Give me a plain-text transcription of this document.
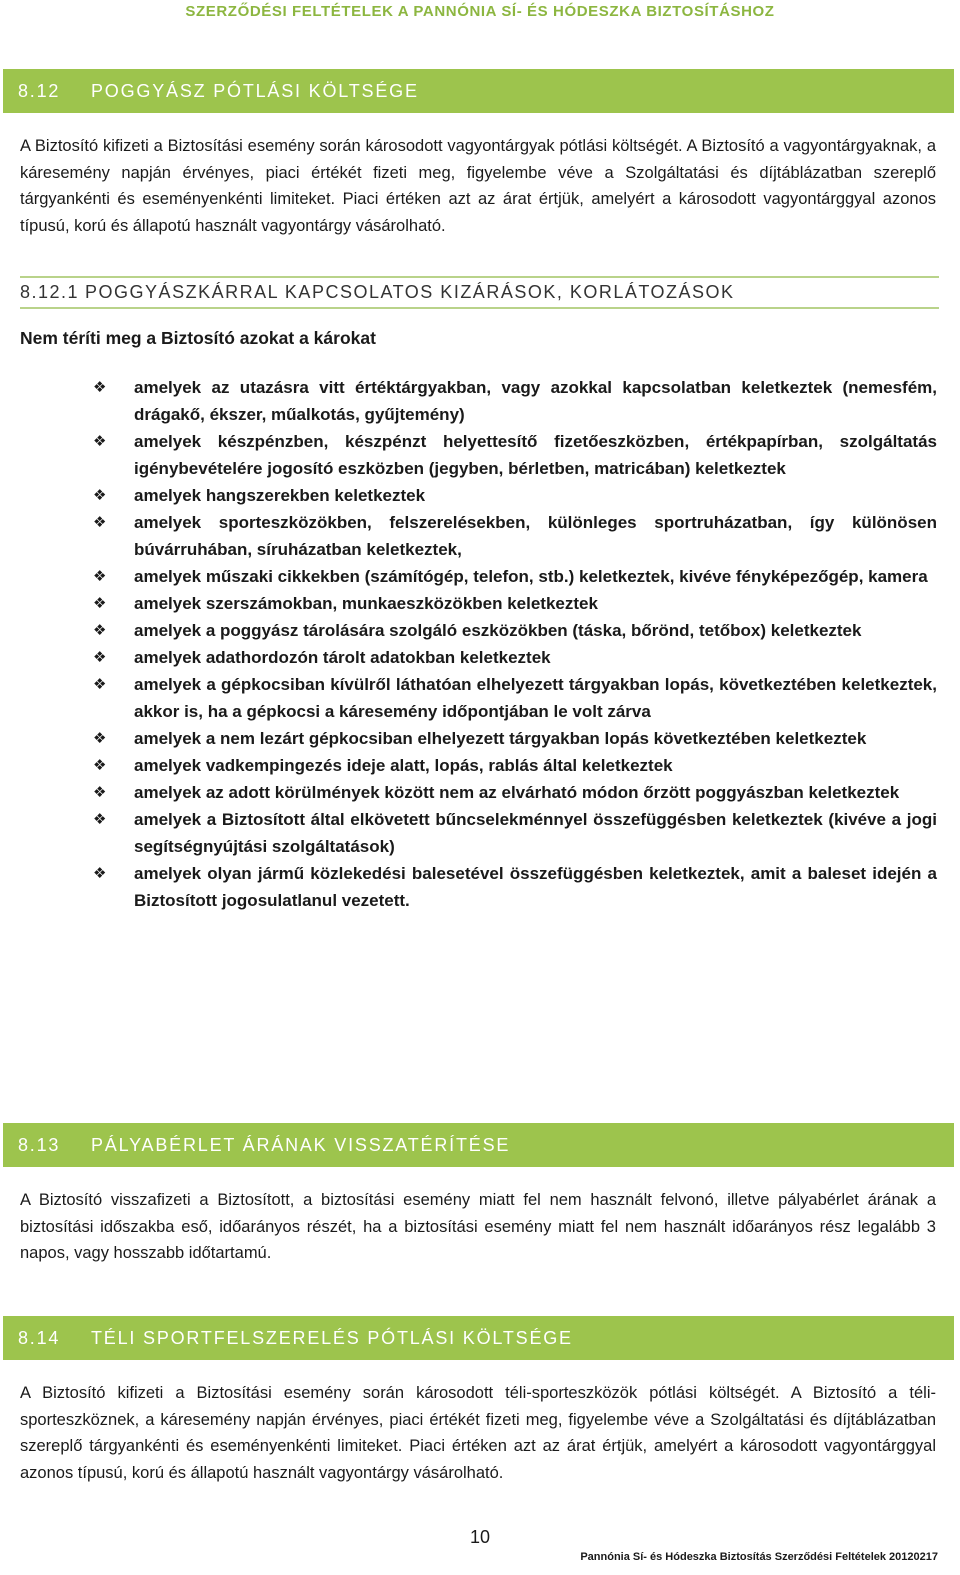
SZERZŐDÉSI FELTÉTELEK A PANNÓNIA SÍ- ÉS HÓDESZKA BIZTOSÍTÁSHOZ
8.12 POGGYÁSZ PÓTLÁSI KÖLTSÉGE

A Biztosító kifizeti a Biztosítási esemény során károsodott vagyontárgyak pótlási költségét. A Biztosító a vagyontárgyaknak, a káresemény napján érvényes, piaci értékét fizeti meg, figyelembe véve a Szolgáltatási és díjtáblázatban szereplő tárgyankénti és eseményenkénti limiteket. Piaci értéken azt az árat értjük, amelyért a károsodott vagyontárggyal azonos típusú, korú és állapotú használt vagyontárgy vásárolható.

8.12.1 POGGYÁSZKÁRRAL KAPCSOLATOS KIZÁRÁSOK, KORLÁTOZÁSOK

Nem téríti meg a Biztosító azokat a károkat

❖ amelyek az utazásra vitt értéktárgyakban, vagy azokkal kapcsolatban keletkeztek (nemesfém, drágakő, ékszer, műalkotás, gyűjtemény)
❖ amelyek készpénzben, készpénzt helyettesítő fizetőeszközben, értékpapírban, szolgáltatás igénybevételére jogosító eszközben (jegyben, bérletben, matricában) keletkeztek
❖ amelyek hangszerekben keletkeztek
❖ amelyek sporteszközökben, felszerelésekben, különleges sportruházatban, így különösen búvárruhában, síruházatban keletkeztek,
❖ amelyek műszaki cikkekben (számítógép, telefon, stb.) keletkeztek, kivéve fényképezőgép, kamera
❖ amelyek szerszámokban, munkaeszközökben keletkeztek
❖ amelyek a poggyász tárolására szolgáló eszközökben (táska, bőrönd, tetőbox) keletkeztek
❖ amelyek adathordozón tárolt adatokban keletkeztek
❖ amelyek a gépkocsiban kívülről láthatóan elhelyezett tárgyakban lopás, következtében keletkeztek, akkor is, ha a gépkocsi a káresemény időpontjában le volt zárva
❖ amelyek a nem lezárt gépkocsiban elhelyezett tárgyakban lopás következtében keletkeztek
❖ amelyek vadkempingezés ideje alatt, lopás, rablás által keletkeztek
❖ amelyek az adott körülmények között nem az elvárható módon őrzött poggyászban keletkeztek
❖ amelyek a Biztosított által elkövetett bűncselekménnyel összefüggésben keletkeztek (kivéve a jogi segítségnyújtási szolgáltatások)
❖ amelyek olyan jármű közlekedési balesetével összefüggésben keletkeztek, amit a baleset idején a Biztosított jogosulatlanul vezetett.
8.13 PÁLYABÉRLET ÁRÁNAK VISSZATÉRÍTÉSE

A Biztosító visszafizeti a Biztosított, a biztosítási esemény miatt fel nem használt felvonó, illetve pályabérlet árának a biztosítási időszakba eső, időarányos részét, ha a biztosítási esemény miatt fel nem használt időarányos rész legalább 3 napos, vagy hosszabb időtartamú.

8.14 TÉLI SPORTFELSZERELÉS PÓTLÁSI KÖLTSÉGE

A Biztosító kifizeti a Biztosítási esemény során károsodott téli-sporteszközök pótlási költségét. A Biztosító a téli-sporteszköznek, a káresemény napján érvényes, piaci értékét fizeti meg, figyelembe véve a Szolgáltatási és díjtáblázatban szereplő tárgyankénti és eseményenkénti limiteket. Piaci értéken azt az árat értjük, amelyért a károsodott vagyontárggyal azonos típusú, korú és állapotú használt vagyontárgy vásárolható.

10
Pannónia Sí- és Hódeszka Biztosítás Szerződési Feltételek 20120217
